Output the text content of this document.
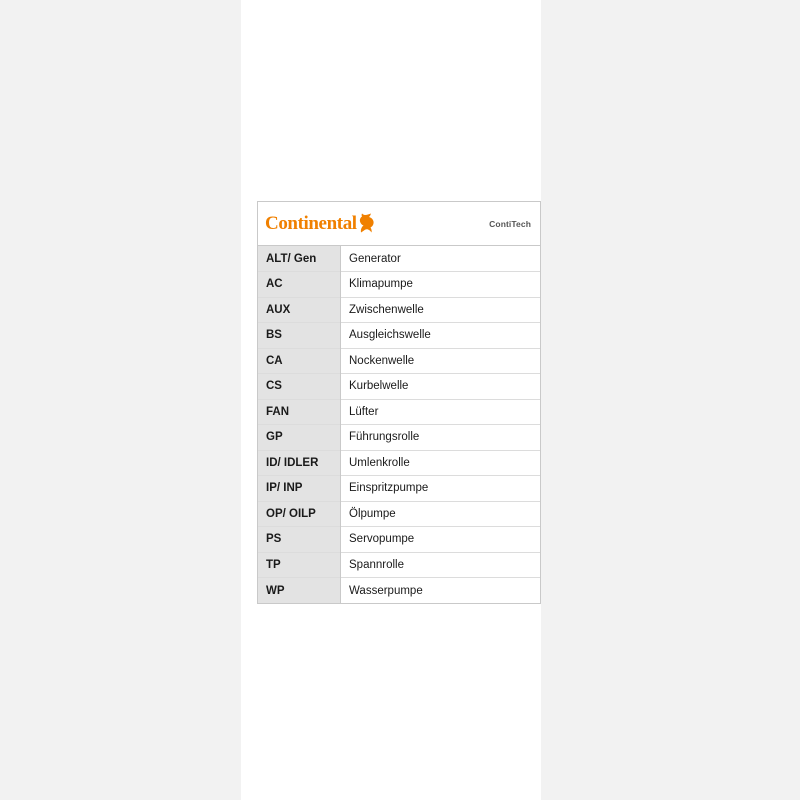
Continental	ContiTech
ALT/ Gen	Generator
AC	Klimapumpe
AUX	Zwischenwelle
BS	Ausgleichswelle
CA	Nockenwelle
CS	Kurbelwelle
FAN	Lüfter
GP	Führungsrolle
ID/ IDLER	Umlenkrolle
IP/ INP	Einspritzpumpe
OP/ OILP	Ölpumpe
PS	Servopumpe
TP	Spannrolle
WP	Wasserpumpe
